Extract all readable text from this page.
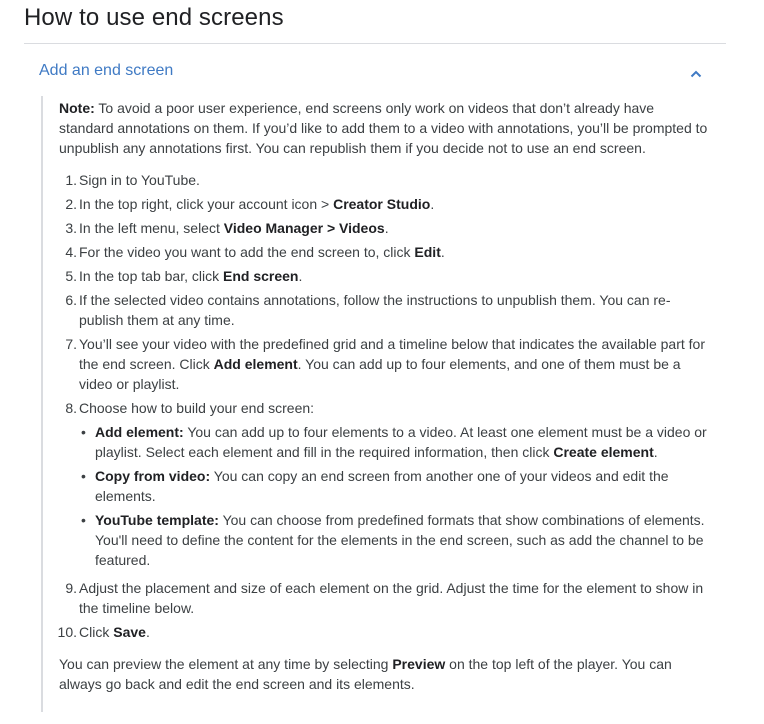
How to use end screens
Add an end screen

Note: To avoid a poor user experience, end screens only work on videos that don’t already have standard annotations on them. If you’d like to add them to a video with annotations, you’ll be prompted to unpublish any annotations first. You can republish them if you decide not to use an end screen.

1. Sign in to YouTube.
2. In the top right, click your account icon > Creator Studio.
3. In the left menu, select Video Manager > Videos.
4. For the video you want to add the end screen to, click Edit.
5. In the top tab bar, click End screen.
6. If the selected video contains annotations, follow the instructions to unpublish them. You can re-publish them at any time.
7. You’ll see your video with the predefined grid and a timeline below that indicates the available part for the end screen. Click Add element. You can add up to four elements, and one of them must be a video or playlist.
8. Choose how to build your end screen:
• Add element: You can add up to four elements to a video. At least one element must be a video or playlist. Select each element and fill in the required information, then click Create element.
• Copy from video: You can copy an end screen from another one of your videos and edit the elements.
• YouTube template: You can choose from predefined formats that show combinations of elements. You'll need to define the content for the elements in the end screen, such as add the channel to be featured.
9. Adjust the placement and size of each element on the grid. Adjust the time for the element to show in the timeline below.
10. Click Save.

You can preview the element at any time by selecting Preview on the top left of the player. You can always go back and edit the end screen and its elements.
